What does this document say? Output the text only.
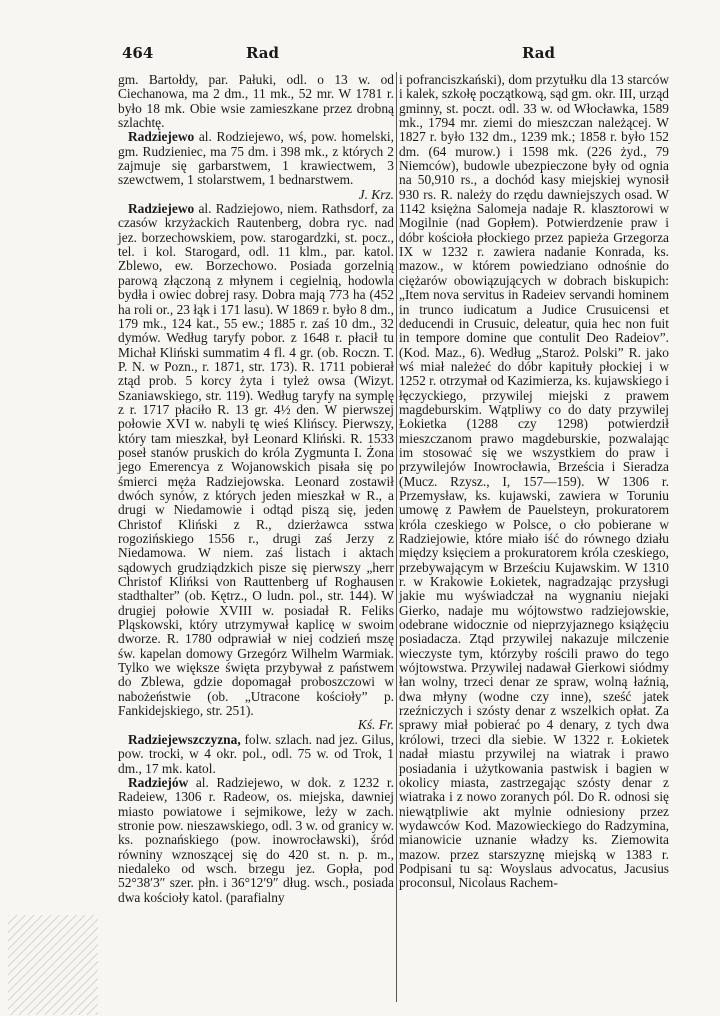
464	Rad	Rad

gm. Bartołdy, par. Pałuki, odl. o 13 w. od Ciechanowa, ma 2 dm., 11 mk., 52 mr. W 1781 r. było 18 mk. Obie wsie zamieszkane przez drobną szlachtę.

Radziejewo al. Rodziejewo, wś, pow. homelski, gm. Rudzieniec, ma 75 dm. i 398 mk., z których 2 zajmuje się garbarstwem, 1 krawiectwem, 3 szewctwem, 1 stolarstwem, 1 bednarstwem.

J. Krz.

Radziejewo al. Radziejowo, niem. Rathsdorf, za czasów krzyżackich Rautenberg, dobra ryc. nad jez. borzechowskiem, pow. starogardzki, st. pocz., tel. i kol. Starogard, odl. 11 klm., par. katol. Zblewo, ew. Borzechowo. Posiada gorzelnią parową złączoną z młynem i cegielnią, hodowla bydła i owiec dobrej rasy. Dobra mają 773 ha (452 ha roli or., 23 łąk i 171 lasu). W 1869 r. było 8 dm., 179 mk., 124 kat., 55 ew.; 1885 r. zaś 10 dm., 32 dymów. Według taryfy pobor. z 1648 r. płacił tu Michał Kliński summatim 4 fl. 4 gr. (ob. Roczn. T. P. N. w Pozn., r. 1871, str. 173). R. 1711 pobierał ztąd prob. 5 korcy żyta i tyleż owsa (Wizyt. Szaniawskiego, str. 119). Według taryfy na symplę z r. 1717 płaciło R. 13 gr. 4½ den. W pierwszej połowie XVI w. nabyli tę wieś Klińscy. Pierwszy, który tam mieszkał, był Leonard Kliński. R. 1533 poseł stanów pruskich do króla Zygmunta I. Żona jego Emerencya z Wojanowskich pisała się po śmierci męża Radziejowska. Leonard zostawił dwóch synów, z których jeden mieszkał w R., a drugi w Niedamowie i odtąd piszą się, jeden Christof Kliński z R., dzierżawca sstwa rogozińskiego 1556 r., drugi zaś Jerzy z Niedamowa. W niem. zaś listach i aktach sądowych grudziądzkich pisze się pierwszy „herr Christof Klińksi von Rauttenberg uf Roghausen stadthalter” (ob. Kętrz., O ludn. pol., str. 144). W drugiej połowie XVIII w. posiadał R. Feliks Pląskowski, który utrzymywał kaplicę w swoim dworze. R. 1780 odprawiał w niej codzień mszę św. kapelan domowy Grzegórz Wilhelm Warmiak. Tylko we większe święta przybywał z państwem do Zblewa, gdzie dopomagał proboszczowi w nabożeństwie (ob. „Utracone kościoły” p. Fankidejskiego, str. 251).

Kś. Fr.

Radziejewszczyzna, folw. szlach. nad jez. Gilus, pow. trocki, w 4 okr. pol., odl. 75 w. od Trok, 1 dm., 17 mk. katol.

Radziejów al. Radziejewo, w dok. z 1232 r. Radeiew, 1306 r. Radeow, os. miejska, dawniej miasto powiatowe i sejmikowe, leży w zach. stronie pow. nieszawskiego, odl. 3 w. od granicy w. ks. poznańskiego (pow. inowrocławski), śród równiny wznoszącej się do 420 st. n. p. m., niedaleko od wsch. brzegu jez. Gopła, pod 52°38′3″ szer. płn. i 36°12′9″ dług. wsch., posiada dwa kościoły katol. (parafialny

i pofranciszkański), dom przytułku dla 13 starców i kalek, szkołę początkową, sąd gm. okr. III, urząd gminny, st. poczt. odl. 33 w. od Włocławka, 1589 mk., 1794 mr. ziemi do mieszczan należącej. W 1827 r. było 132 dm., 1239 mk.; 1858 r. było 152 dm. (64 murow.) i 1598 mk. (226 żyd., 79 Niemców), budowle ubezpieczone były od ognia na 50,910 rs., a dochód kasy miejskiej wynosił 930 rs. R. należy do rzędu dawniejszych osad. W 1142 księżna Salomeja nadaje R. klasztorowi w Mogilnie (nad Gopłem). Potwierdzenie praw i dóbr kościoła płockiego przez papieża Grzegorza IX w 1232 r. zawiera nadanie Konrada, ks. mazow., w którem powiedziano odnośnie do ciężarów obowiązujących w dobrach biskupich: „Item nova servitus in Radeiev servandi hominem in trunco iudicatum a Judice Crusuicensi et deducendi in Crusuic, deleatur, quia hec non fuit in tempore domine que contulit Deo Radeiov”. (Kod. Maz., 6). Według „Staroż. Polski” R. jako wś miał należeć do dóbr kapituły płockiej i w 1252 r. otrzymał od Kazimierza, ks. kujawskiego i łęczyckiego, przywilej miejski z prawem magdeburskim. Wątpliwy co do daty przywilej Łokietka (1288 czy 1298) potwierdził mieszczanom prawo magdeburskie, pozwalając im stosować się we wszystkiem do praw i przywilejów Inowrocławia, Brześcia i Sieradza (Mucz. Rzysz., I, 157—159). W 1306 r. Przemysław, ks. kujawski, zawiera w Toruniu umowę z Pawłem de Pauelsteyn, prokuratorem króla czeskiego w Polsce, o cło pobierane w Radziejowie, które miało iść do równego działu między księciem a prokuratorem króla czeskiego, przebywającym w Brześciu Kujawskim. W 1310 r. w Krakowie Łokietek, nagradzając przysługi jakie mu wyświadczał na wygnaniu niejaki Gierko, nadaje mu wójtowstwo radziejowskie, odebrane widocznie od nieprzyjaznego książęciu posiadacza. Ztąd przywilej nakazuje milczenie wieczyste tym, którzyby rościli prawo do tego wójtowstwa. Przywilej nadawał Gierkowi siódmy łan wolny, trzeci denar ze spraw, wolną łaźnią, dwa młyny (wodne czy inne), sześć jatek rzeźniczych i szósty denar z wszelkich opłat. Za sprawy miał pobierać po 4 denary, z tych dwa królowi, trzeci dla siebie. W 1322 r. Łokietek nadał miastu przywilej na wiatrak i prawo posiadania i użytkowania pastwisk i bagien w okolicy miasta, zastrzegając szósty denar z wiatraka i z nowo zoranych pól. Do R. odnosi się niewątpliwie akt mylnie odniesiony przez wydawców Kod. Mazowieckiego do Radzymina, mianowicie uznanie władzy ks. Ziemowita mazow. przez starszyznę miejską w 1383 r. Podpisani tu są: Woyslaus advocatus, Jacusius proconsul, Nicolaus Rachem-
